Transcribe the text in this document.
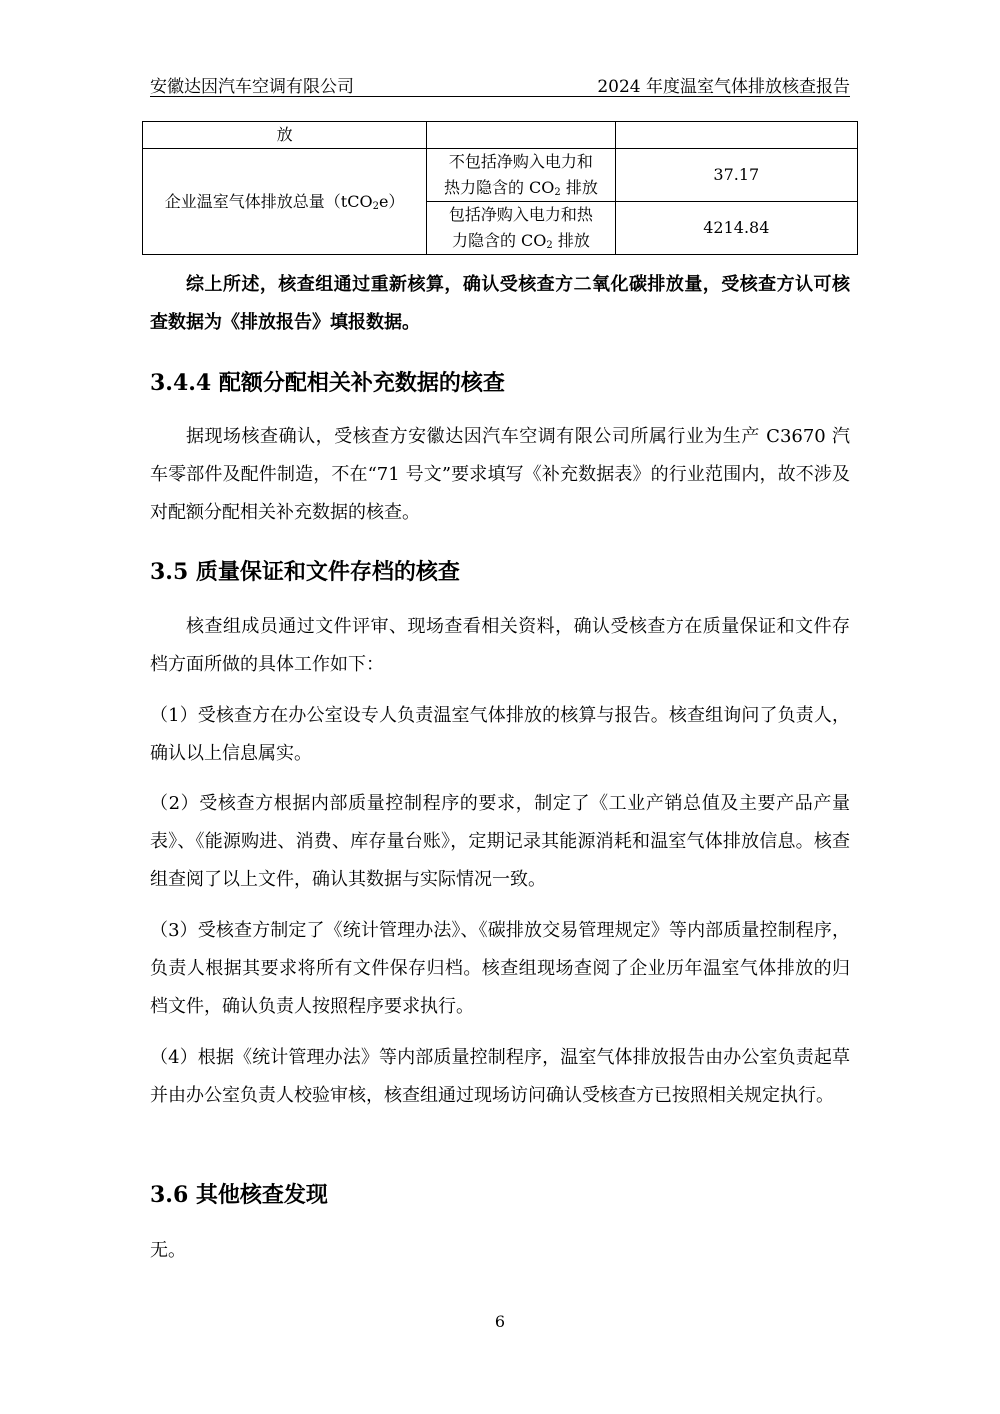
安徽达因汽车空调有限公司	2024 年度温室气体排放核查报告
放		
企业温室气体排放总量（tCO$_2$e）	不包括净购入电力和
热力隐含的 $CO_2$ 排放	37.17
	包括净购入电力和热
力隐含的 $CO_2$ 排放	4214.84

综上所述，核查组通过重新核算，确认受核查方二氧化碳排放量，受核查方认可核查数据为《排放报告》填报数据。

3.4.4 配额分配相关补充数据的核查

据现场核查确认，受核查方安徽达因汽车空调有限公司所属行业为生产 C3670 汽车零部件及配件制造，不在“71 号文”要求填写《补充数据表》的行业范围内，故不涉及对配额分配相关补充数据的核查。

3.5 质量保证和文件存档的核查

核查组成员通过文件评审、现场查看相关资料，确认受核查方在质量保证和文件存档方面所做的具体工作如下：

（1）受核查方在办公室设专人负责温室气体排放的核算与报告。核查组询问了负责人，确认以上信息属实。

（2）受核查方根据内部质量控制程序的要求，制定了《工业产销总值及主要产品产量表》、《能源购进、消费、库存量台账》，定期记录其能源消耗和温室气体排放信息。核查组查阅了以上文件，确认其数据与实际情况一致。

（3）受核查方制定了《统计管理办法》、《碳排放交易管理规定》等内部质量控制程序，负责人根据其要求将所有文件保存归档。核查组现场查阅了企业历年温室气体排放的归档文件，确认负责人按照程序要求执行。

（4）根据《统计管理办法》等内部质量控制程序，温室气体排放报告由办公室负责起草并由办公室负责人校验审核，核查组通过现场访问确认受核查方已按照相关规定执行。

3.6 其他核查发现

无。

6
